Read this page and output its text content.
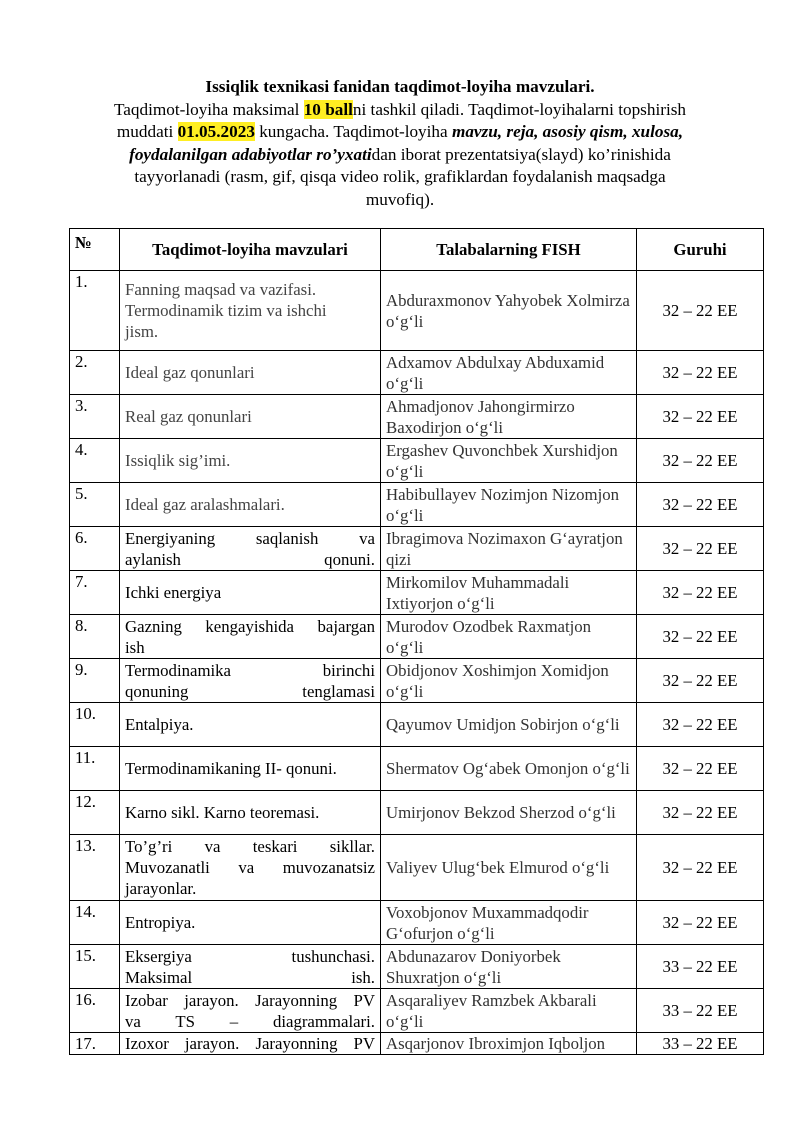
Issiqlik texnikasi fanidan taqdimot-loyiha mavzulari.
Taqdimot-loyiha maksimal 10 ballni tashkil qiladi. Taqdimot-loyihalarni topshirish muddati 01.05.2023 kungacha. Taqdimot-loyiha mavzu, reja, asosiy qism, xulosa, foydalanilgan adabiyotlar ro’yxatidan iborat prezentatsiya(slayd) ko’rinishida tayyorlanadi (rasm, gif, qisqa video rolik, grafiklardan foydalanish maqsadga muvofiq).
№	Taqdimot-loyiha mavzulari	Talabalarning FISH	Guruhi
1.	Fanning maqsad va vazifasi.
Termodinamik tizim va ishchi
jism.	Abduraxmonov Yahyobek Xolmirza o‘g‘li	32 – 22 EE
2.	Ideal gaz qonunlari	Adxamov Abdulxay Abduxamid o‘g‘li	32 – 22 EE
3.	Real gaz qonunlari	Ahmadjonov Jahongirmirzo Baxodirjon o‘g‘li	32 – 22 EE
4.	Issiqlik sig’imi.	Ergashev Quvonchbek Xurshidjon o‘g‘li	32 – 22 EE
5.	Ideal gaz aralashmalari.	Habibullayev Nozimjon Nizomjon o‘g‘li	32 – 22 EE
6.	Energiyaning saqlanish va
aylanish qonuni.	Ibragimova Nozimaxon G‘ayratjon qizi	32 – 22 EE
7.	Ichki energiya	Mirkomilov Muhammadali Ixtiyorjon o‘g‘li	32 – 22 EE
8.	Gazning kengayishida bajargan
ish	Murodov Ozodbek Raxmatjon o‘g‘li	32 – 22 EE
9.	Termodinamika birinchi
qonuning tenglamasi	Obidjonov Xoshimjon Xomidjon o‘g‘li	32 – 22 EE
10.	Entalpiya.	Qayumov Umidjon Sobirjon o‘g‘li	32 – 22 EE
11.	Termodinamikaning II- qonuni.	Shermatov Og‘abek Omonjon o‘g‘li	32 – 22 EE
12.	Karno sikl. Karno teoremasi.	Umirjonov Bekzod Sherzod o‘g‘li	32 – 22 EE
13.	To’g’ri va teskari sikllar.
Muvozanatli va muvozanatsiz
jarayonlar.	Valiyev Ulug‘bek Elmurod o‘g‘li	32 – 22 EE
14.	Entropiya.	Voxobjonov Muxammadqodir G‘ofurjon o‘g‘li	32 – 22 EE
15.	Eksergiya tushunchasi.
Maksimal ish.	Abdunazarov Doniyorbek Shuxratjon o‘g‘li	33 – 22 EE
16.	Izobar jarayon. Jarayonning PV
va TS – diagrammalari.	Asqaraliyev Ramzbek Akbarali o‘g‘li	33 – 22 EE
17.	Izoxor jarayon. Jarayonning PV	Asqarjonov Ibroximjon Iqboljon	33 – 22 EE
